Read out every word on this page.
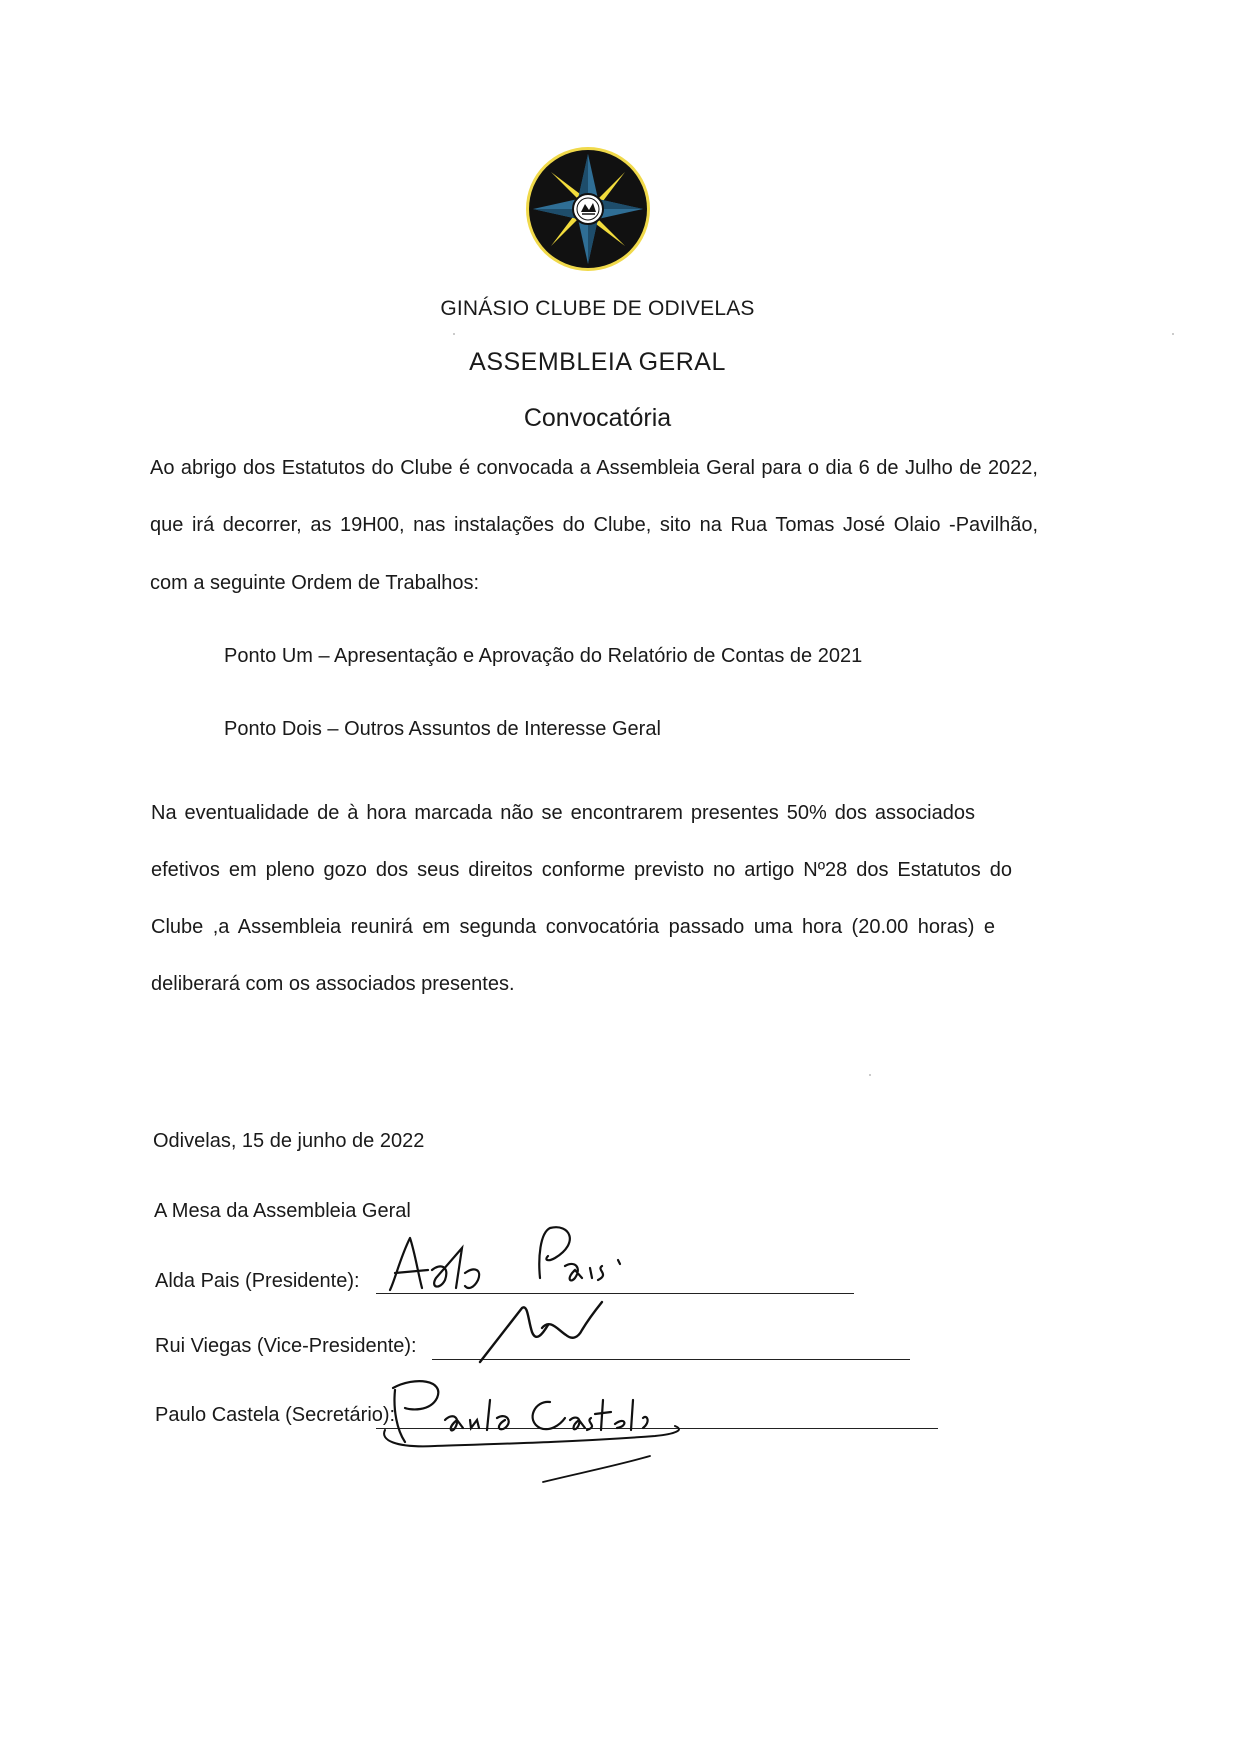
GINÁSIO CLUBE DE ODIVELAS
ASSEMBLEIA GERAL
Convocatória
Ao abrigo dos Estatutos do Clube é convocada a Assembleia Geral para o dia 6 de Julho de 2022,
que irá decorrer, as 19H00, nas instalações do Clube, sito na Rua Tomas José Olaio -Pavilhão,
com a seguinte Ordem de Trabalhos:
Ponto Um – Apresentação e Aprovação do Relatório de Contas de 2021
Ponto Dois – Outros Assuntos de Interesse Geral
Na eventualidade de à hora marcada não se encontrarem presentes 50% dos associados
efetivos em pleno gozo dos seus direitos conforme previsto no artigo Nº28 dos Estatutos do
Clube ,a Assembleia reunirá em segunda convocatória passado uma hora (20.00 horas) e
deliberará com os associados presentes.
Odivelas, 15 de junho de 2022
A Mesa da Assembleia Geral
Alda Pais (Presidente):
Rui Viegas (Vice-Presidente):
Paulo Castela (Secretário):
